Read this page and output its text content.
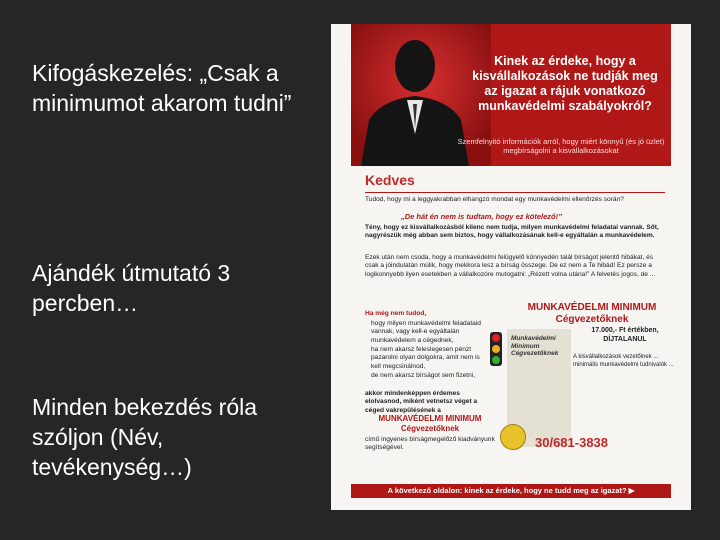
Kifogáskezelés: „Csak a minimumot akarom tudni”
Ajándék útmutató 3 percben…
Minden bekezdés róla szóljon (Név, tevékenység…)
Kinek az érdeke, hogy a kisvállalkozások ne tudják meg az igazat a rájuk vonatkozó munkavédelmi szabályokról?
Szemfelnyitó információk arról, hogy miért könnyű (és jó üzlet) megbírságolni a kisvállalkozásokat
Kedves
Tudod, hogy mi a leggyakrabban elhangzó mondat egy munkavédelmi ellenőrzés során?
„De hát én nem is tudtam, hogy ez kötelező!”
Tény, hogy ez kisvállalkozásból kilenc nem tudja, milyen munkavédelmi feladatai vannak. Sőt, nagyrészük még abban sem biztos, hogy vállalkozásának kell-e egyáltalán a munkavédelem.
Ezek után nem csoda, hogy a munkavédelmi felügyelő könnyedén talál bírságot jelentő hibákat, és csak a jóindulatán múlik, hogy mekkora lesz a bírság összege. De ez nem a Te hibád! Ez persze a logikonnyebb ilyen esetekben a vállalkozóre mutogatni: „Rézett volna utána!” A felvetés jogos, de ...
Ha még nem tudod,
hogy milyen munkavédelmi feladataid vannak, vagy kell-e egyáltalán munkavédelem a cégednek,
ha nem akarsz feleslegesen pénzt pazarolni olyan dolgokra, amit nem is kell megcsinálnod,
de nem akarsz bírságot sem fizetni,
akkor mindenképpen érdemes elolvasnod, miként vetnetsz véget a céged vakrepülésének a
MUNKAVÉDELMI MINIMUM Cégvezetőknek
című ingyenes bírságmegelőző kiadványunk segítségével.
MUNKAVÉDELMI MINIMUM Cégvezetőknek
17.000,- Ft értékben, DÍJTALANUL
Munkavédelmi Minimum Cégvezetőknek	A kisvállalkozások vezetőinek ... minimális munkavédelmi tudnivalók ...
30/681-3838
A következő oldalon: kinek az érdeke, hogy ne tudd meg az igazat? ▶
